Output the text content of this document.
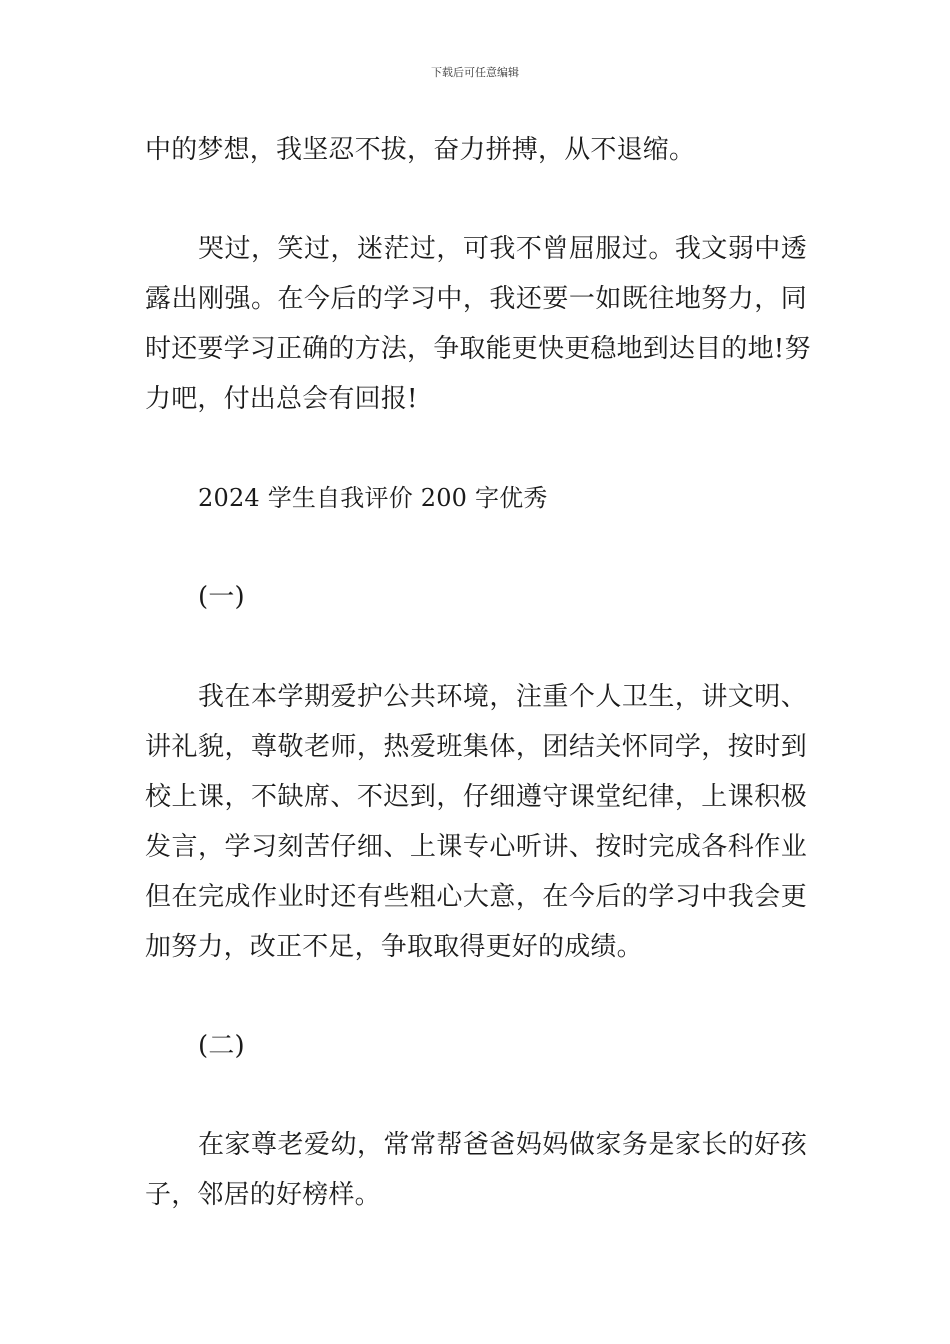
下载后可任意编辑
中的梦想，我坚忍不拔，奋力拼搏，从不退缩。
哭过，笑过，迷茫过，可我不曾屈服过。我文弱中透
露出刚强。在今后的学习中，我还要一如既往地努力，同
时还要学习正确的方法，争取能更快更稳地到达目的地!努
力吧，付出总会有回报!
2024 学生自我评价 200 字优秀
(一)
我在本学期爱护公共环境，注重个人卫生，讲文明、
讲礼貌，尊敬老师，热爱班集体，团结关怀同学，按时到
校上课，不缺席、不迟到，仔细遵守课堂纪律，上课积极
发言，学习刻苦仔细、上课专心听讲、按时完成各科作业
但在完成作业时还有些粗心大意，在今后的学习中我会更
加努力，改正不足，争取取得更好的成绩。
(二)
在家尊老爱幼，常常帮爸爸妈妈做家务是家长的好孩
子，邻居的好榜样。
